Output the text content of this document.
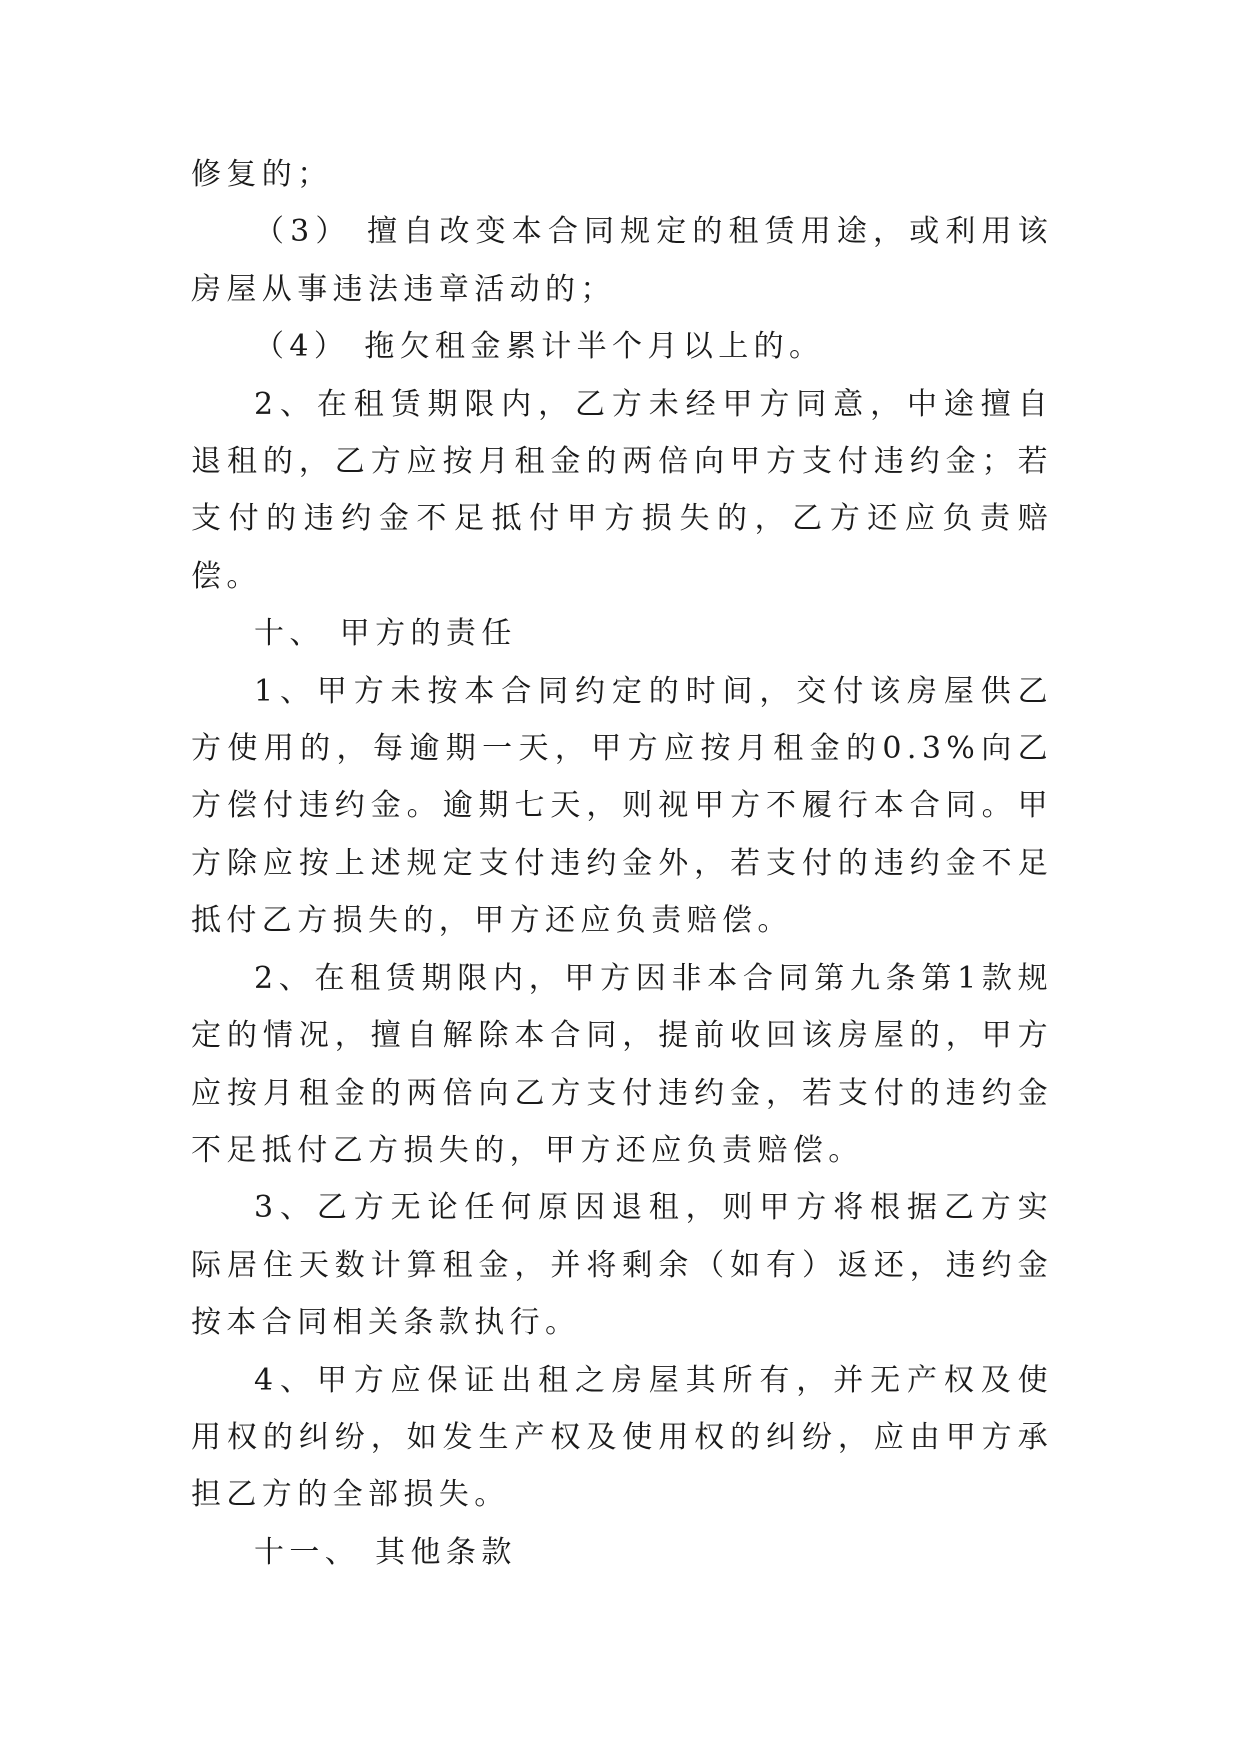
修复的；

（3） 擅自改变本合同规定的租赁用途，或利用该房屋从事违法违章活动的；

（4） 拖欠租金累计半个月以上的。

2、在租赁期限内，乙方未经甲方同意，中途擅自退租的，乙方应按月租金的两倍向甲方支付违约金；若支付的违约金不足抵付甲方损失的，乙方还应负责赔偿。

十、 甲方的责任

1、甲方未按本合同约定的时间，交付该房屋供乙方使用的，每逾期一天，甲方应按月租金的0.3%向乙方偿付违约金。逾期七天，则视甲方不履行本合同。甲方除应按上述规定支付违约金外，若支付的违约金不足抵付乙方损失的，甲方还应负责赔偿。

2、在租赁期限内，甲方因非本合同第九条第1款规定的情况，擅自解除本合同，提前收回该房屋的，甲方应按月租金的两倍向乙方支付违约金，若支付的违约金不足抵付乙方损失的，甲方还应负责赔偿。

3、乙方无论任何原因退租，则甲方将根据乙方实际居住天数计算租金，并将剩余（如有）返还，违约金按本合同相关条款执行。

4、甲方应保证出租之房屋其所有，并无产权及使用权的纠纷，如发生产权及使用权的纠纷，应由甲方承担乙方的全部损失。

十一、 其他条款
